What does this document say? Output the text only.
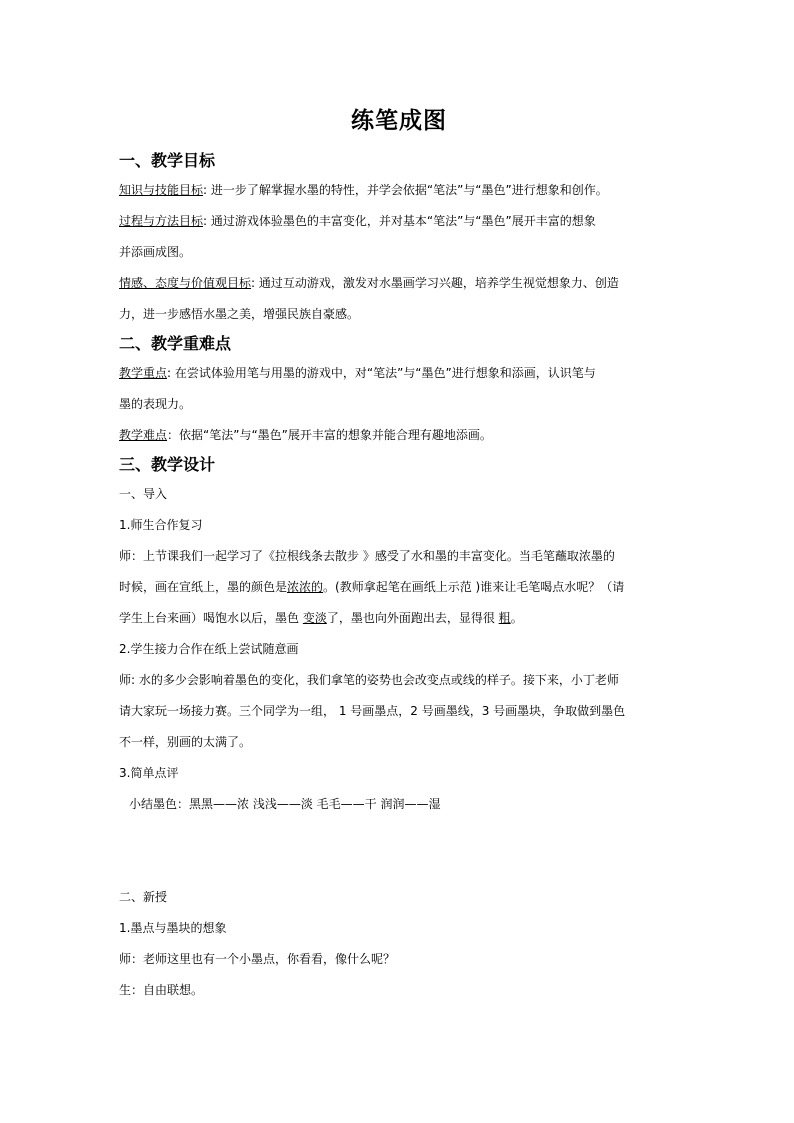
练笔成图
一、教学目标

知识与技能目标: 进一步了解掌握水墨的特性，并学会依据“笔法”与“墨色”进行想象和创作。

过程与方法目标: 通过游戏体验墨色的丰富变化，并对基本“笔法”与“墨色”展开丰富的想象

并添画成图。

情感、态度与价值观目标: 通过互动游戏，激发对水墨画学习兴趣，培养学生视觉想象力、创造

力，进一步感悟水墨之美，增强民族自豪感。

二、教学重难点

教学重点: 在尝试体验用笔与用墨的游戏中，对“笔法”与“墨色”进行想象和添画，认识笔与

墨的表现力。

教学难点：依据“笔法”与“墨色”展开丰富的想象并能合理有趣地添画。

三、教学设计

一、导入

1.师生合作复习

师：上节课我们一起学习了《拉根线条去散步 》感受了水和墨的丰富变化。当毛笔蘸取浓墨的

时候，画在宣纸上，墨的颜色是浓浓的。(教师拿起笔在画纸上示范 )谁来让毛笔喝点水呢？（请

学生上台来画）喝饱水以后，墨色 变淡了，墨也向外面跑出去，显得很 粗。

2.学生接力合作在纸上尝试随意画

师: 水的多少会影响着墨色的变化，我们拿笔的姿势也会改变点或线的样子。接下来，小丁老师

请大家玩一场接力赛。三个同学为一组， 1 号画墨点，2 号画墨线，3 号画墨块，争取做到墨色

不一样，别画的太满了。

3.简单点评

小结墨色：黑黑——浓 浅浅——淡 毛毛——干 润润——湿

二、新授

1.墨点与墨块的想象

师：老师这里也有一个小墨点，你看看，像什么呢？

生：自由联想。
